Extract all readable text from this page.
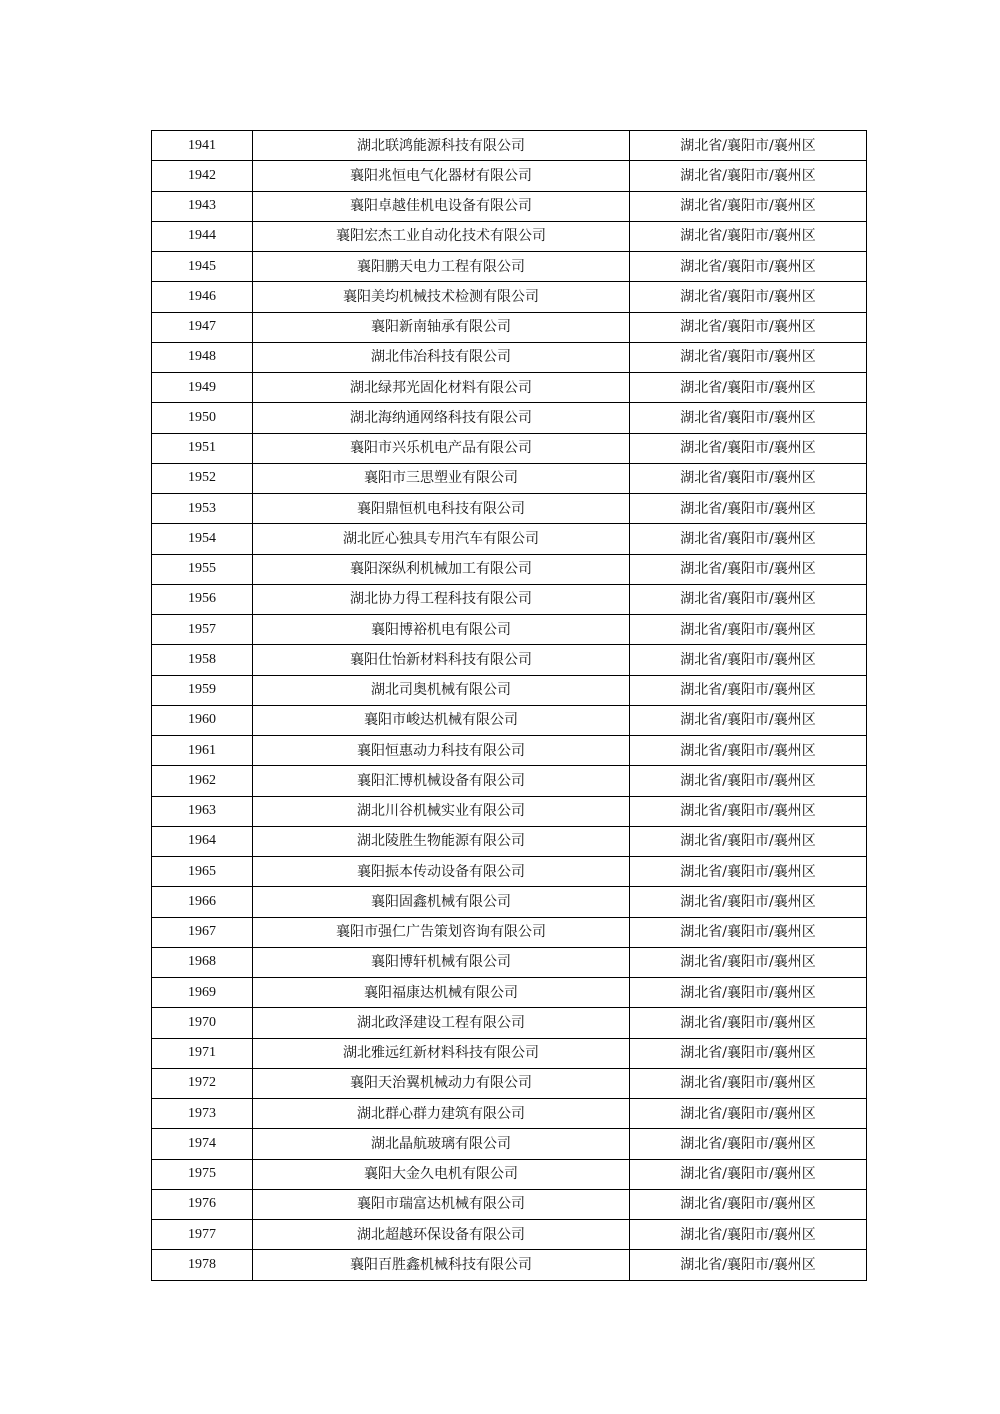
1941	湖北联鸿能源科技有限公司	湖北省/襄阳市/襄州区
1942	襄阳兆恒电气化器材有限公司	湖北省/襄阳市/襄州区
1943	襄阳卓越佳机电设备有限公司	湖北省/襄阳市/襄州区
1944	襄阳宏杰工业自动化技术有限公司	湖北省/襄阳市/襄州区
1945	襄阳鹏天电力工程有限公司	湖北省/襄阳市/襄州区
1946	襄阳美均机械技术检测有限公司	湖北省/襄阳市/襄州区
1947	襄阳新南轴承有限公司	湖北省/襄阳市/襄州区
1948	湖北伟冶科技有限公司	湖北省/襄阳市/襄州区
1949	湖北绿邦光固化材料有限公司	湖北省/襄阳市/襄州区
1950	湖北海纳通网络科技有限公司	湖北省/襄阳市/襄州区
1951	襄阳市兴乐机电产品有限公司	湖北省/襄阳市/襄州区
1952	襄阳市三思塑业有限公司	湖北省/襄阳市/襄州区
1953	襄阳鼎恒机电科技有限公司	湖北省/襄阳市/襄州区
1954	湖北匠心独具专用汽车有限公司	湖北省/襄阳市/襄州区
1955	襄阳深纵利机械加工有限公司	湖北省/襄阳市/襄州区
1956	湖北协力得工程科技有限公司	湖北省/襄阳市/襄州区
1957	襄阳博裕机电有限公司	湖北省/襄阳市/襄州区
1958	襄阳仕怡新材料科技有限公司	湖北省/襄阳市/襄州区
1959	湖北司奥机械有限公司	湖北省/襄阳市/襄州区
1960	襄阳市峻达机械有限公司	湖北省/襄阳市/襄州区
1961	襄阳恒惠动力科技有限公司	湖北省/襄阳市/襄州区
1962	襄阳汇博机械设备有限公司	湖北省/襄阳市/襄州区
1963	湖北川谷机械实业有限公司	湖北省/襄阳市/襄州区
1964	湖北陵胜生物能源有限公司	湖北省/襄阳市/襄州区
1965	襄阳振本传动设备有限公司	湖北省/襄阳市/襄州区
1966	襄阳固鑫机械有限公司	湖北省/襄阳市/襄州区
1967	襄阳市强仁广告策划咨询有限公司	湖北省/襄阳市/襄州区
1968	襄阳博轩机械有限公司	湖北省/襄阳市/襄州区
1969	襄阳福康达机械有限公司	湖北省/襄阳市/襄州区
1970	湖北政泽建设工程有限公司	湖北省/襄阳市/襄州区
1971	湖北雅远红新材料科技有限公司	湖北省/襄阳市/襄州区
1972	襄阳天治翼机械动力有限公司	湖北省/襄阳市/襄州区
1973	湖北群心群力建筑有限公司	湖北省/襄阳市/襄州区
1974	湖北晶航玻璃有限公司	湖北省/襄阳市/襄州区
1975	襄阳大金久电机有限公司	湖北省/襄阳市/襄州区
1976	襄阳市瑞富达机械有限公司	湖北省/襄阳市/襄州区
1977	湖北超越环保设备有限公司	湖北省/襄阳市/襄州区
1978	襄阳百胜鑫机械科技有限公司	湖北省/襄阳市/襄州区
